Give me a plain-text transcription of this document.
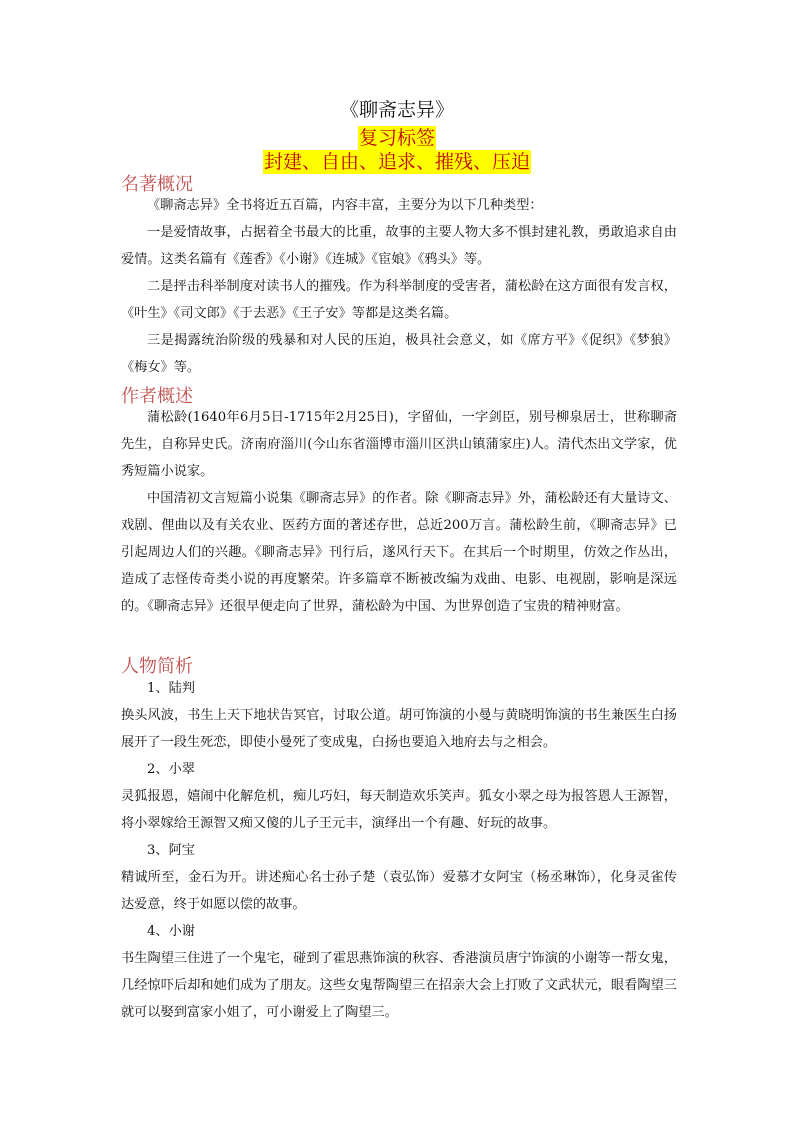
《聊斋志异》
复习标签
封建、自由、追求、摧残、压迫
名著概况

《聊斋志异》全书将近五百篇，内容丰富，主要分为以下几种类型：

一是爱情故事，占据着全书最大的比重，故事的主要人物大多不惧封建礼教，勇敢追求自由爱情。这类名篇有《莲香》《小谢》《连城》《宦娘》《鸦头》等。

二是抨击科举制度对读书人的摧残。作为科举制度的受害者，蒲松龄在这方面很有发言权，《叶生》《司文郎》《于去恶》《王子安》等都是这类名篇。

三是揭露统治阶级的残暴和对人民的压迫，极具社会意义，如《席方平》《促织》《梦狼》《梅女》等。

作者概述

蒲松龄(1640年6月5日-1715年2月25日)，字留仙，一字剑臣，别号柳泉居士，世称聊斋先生，自称异史氏。济南府淄川(今山东省淄博市淄川区洪山镇蒲家庄)人。清代杰出文学家，优秀短篇小说家。

中国清初文言短篇小说集《聊斋志异》的作者。除《聊斋志异》外，蒲松龄还有大量诗文、戏剧、俚曲以及有关农业、医药方面的著述存世，总近200万言。蒲松龄生前，《聊斋志异》已引起周边人们的兴趣。《聊斋志异》刊行后，遂风行天下。在其后一个时期里，仿效之作丛出，造成了志怪传奇类小说的再度繁荣。许多篇章不断被改编为戏曲、电影、电视剧，影响是深远的。《聊斋志异》还很早便走向了世界，蒲松龄为中国、为世界创造了宝贵的精神财富。

人物简析

1、陆判

换头风波，书生上天下地状告冥官，讨取公道。胡可饰演的小曼与黄晓明饰演的书生兼医生白扬展开了一段生死恋，即使小曼死了变成鬼，白扬也要追入地府去与之相会。

2、小翠

灵狐报恩，嬉闹中化解危机，痴儿巧妇，每天制造欢乐笑声。狐女小翠之母为报答恩人王源智，将小翠嫁给王源智又痴又傻的儿子王元丰，演绎出一个有趣、好玩的故事。

3、阿宝

精诚所至，金石为开。讲述痴心名士孙子楚（袁弘饰）爱慕才女阿宝（杨丞琳饰），化身灵雀传达爱意，终于如愿以偿的故事。

4、小谢

书生陶望三住进了一个鬼宅，碰到了霍思燕饰演的秋容、香港演员唐宁饰演的小谢等一帮女鬼，几经惊吓后却和她们成为了朋友。这些女鬼帮陶望三在招亲大会上打败了文武状元，眼看陶望三就可以娶到富家小姐了，可小谢爱上了陶望三。
